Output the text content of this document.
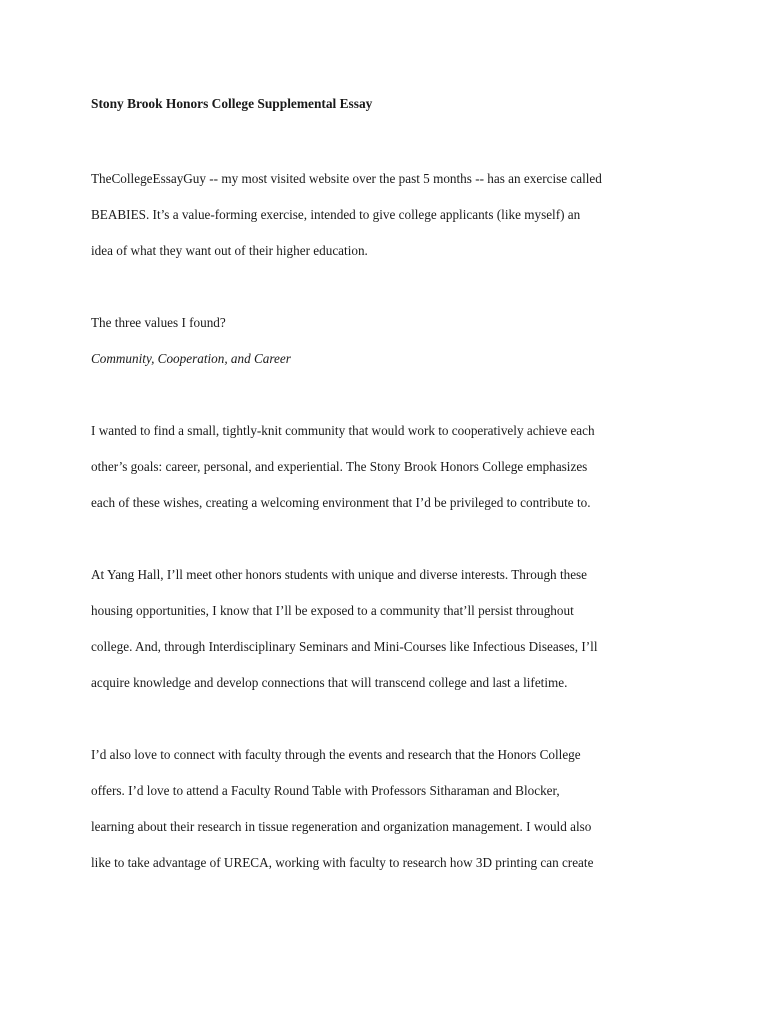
Stony Brook Honors College Supplemental Essay

TheCollegeEssayGuy -- my most visited website over the past 5 months -- has an exercise called
BEABIES. It’s a value-forming exercise, intended to give college applicants (like myself) an
idea of what they want out of their higher education.

The three values I found?

Community, Cooperation, and Career

I wanted to find a small, tightly-knit community that would work to cooperatively achieve each
other’s goals: career, personal, and experiential. The Stony Brook Honors College emphasizes
each of these wishes, creating a welcoming environment that I’d be privileged to contribute to.

At Yang Hall, I’ll meet other honors students with unique and diverse interests. Through these
housing opportunities, I know that I’ll be exposed to a community that’ll persist throughout
college. And, through Interdisciplinary Seminars and Mini-Courses like Infectious Diseases, I’ll
acquire knowledge and develop connections that will transcend college and last a lifetime.

I’d also love to connect with faculty through the events and research that the Honors College
offers. I’d love to attend a Faculty Round Table with Professors Sitharaman and Blocker,
learning about their research in tissue regeneration and organization management. I would also
like to take advantage of URECA, working with faculty to research how 3D printing can create
